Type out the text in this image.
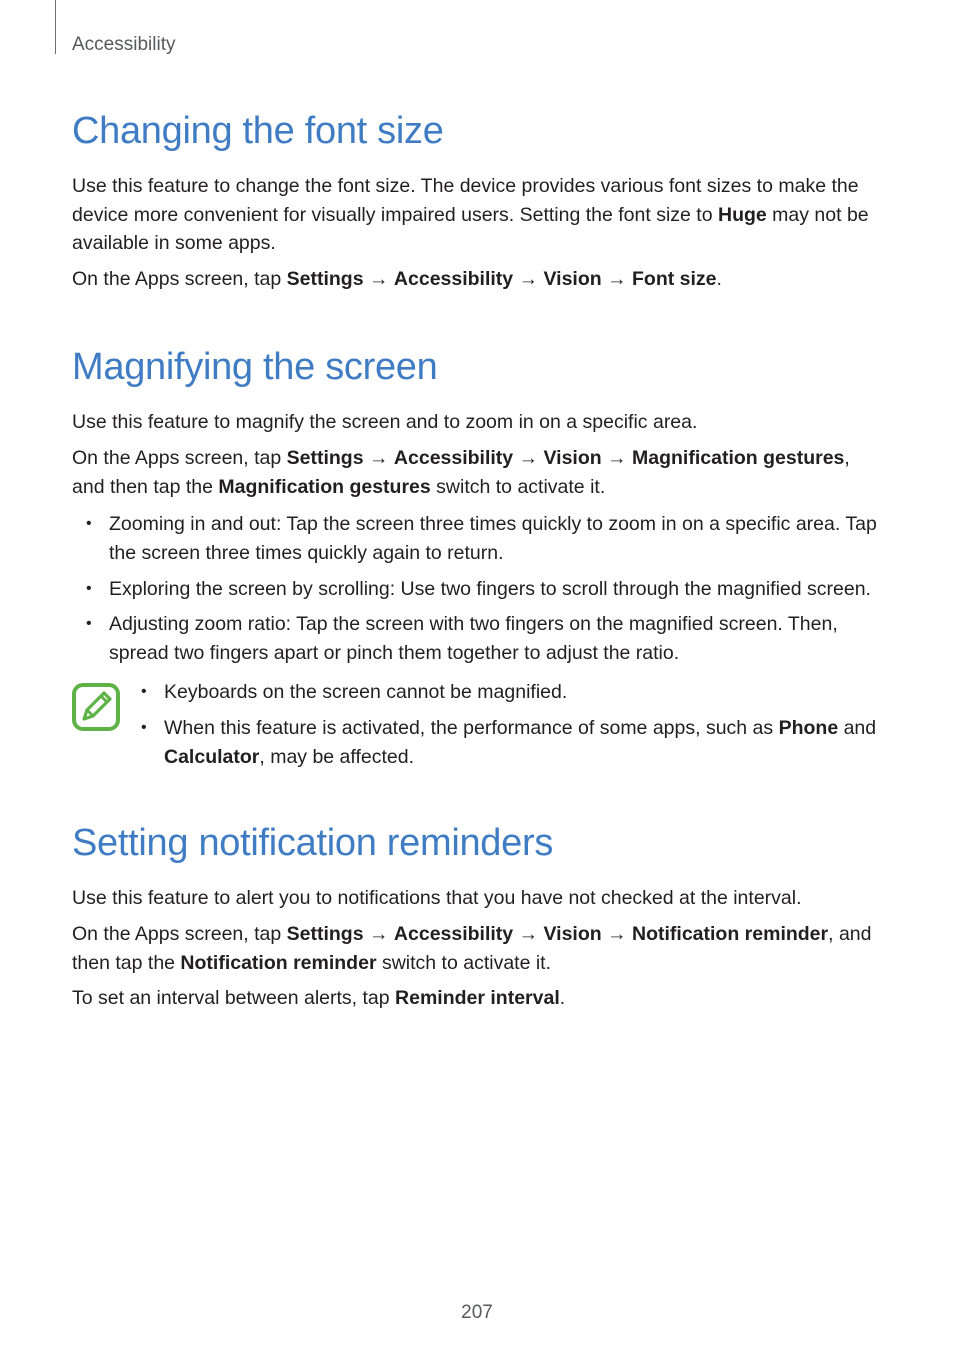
Accessibility
Changing the font size

Use this feature to change the font size. The device provides various font sizes to make the device more convenient for visually impaired users. Setting the font size to Huge may not be available in some apps.

On the Apps screen, tap Settings → Accessibility → Vision → Font size.

Magnifying the screen

Use this feature to magnify the screen and to zoom in on a specific area.

On the Apps screen, tap Settings → Accessibility → Vision → Magnification gestures, and then tap the Magnification gestures switch to activate it.

• Zooming in and out: Tap the screen three times quickly to zoom in on a specific area. Tap the screen three times quickly again to return.
• Exploring the screen by scrolling: Use two fingers to scroll through the magnified screen.
• Adjusting zoom ratio: Tap the screen with two fingers on the magnified screen. Then, spread two fingers apart or pinch them together to adjust the ratio.
• Keyboards on the screen cannot be magnified.
• When this feature is activated, the performance of some apps, such as Phone and Calculator, may be affected.
Setting notification reminders

Use this feature to alert you to notifications that you have not checked at the interval.

On the Apps screen, tap Settings → Accessibility → Vision → Notification reminder, and then tap the Notification reminder switch to activate it.

To set an interval between alerts, tap Reminder interval.

207
